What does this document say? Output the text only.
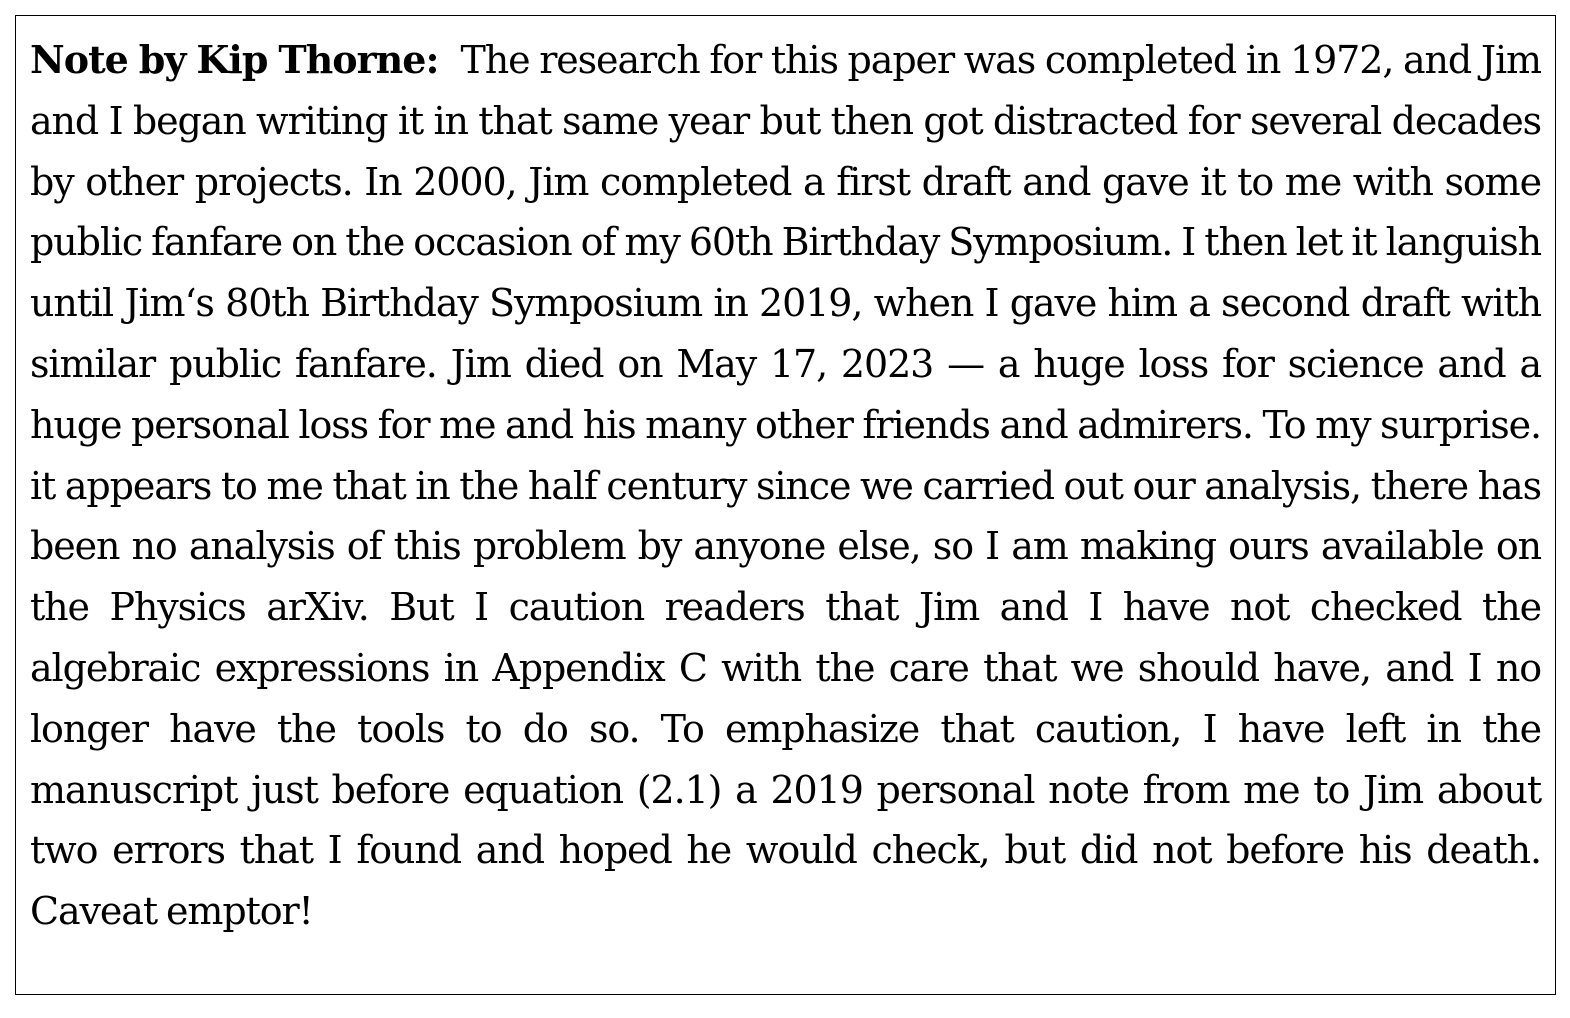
Note by Kip Thorne: The research for this paper was completed in 1972, and Jim and I began writing it in that same year but then got distracted for several decades by other projects. In 2000, Jim completed a first draft and gave it to me with some public fanfare on the occasion of my 60th Birthday Symposium. I then let it languish until Jim‘s 80th Birthday Symposium in 2019, when I gave him a second draft with similar public fanfare. Jim died on May 17, 2023 — a huge loss for science and a huge personal loss for me and his many other friends and admirers. To my surprise. it appears to me that in the half century since we carried out our analysis, there has been no analysis of this problem by anyone else, so I am making ours available on the Physics arXiv. But I caution readers that Jim and I have not checked the algebraic expressions in Appendix C with the care that we should have, and I no longer have the tools to do so. To emphasize that caution, I have left in the manuscript just before equation (2.1) a 2019 personal note from me to Jim about two errors that I found and hoped he would check, but did not before his death. Caveat emptor!
